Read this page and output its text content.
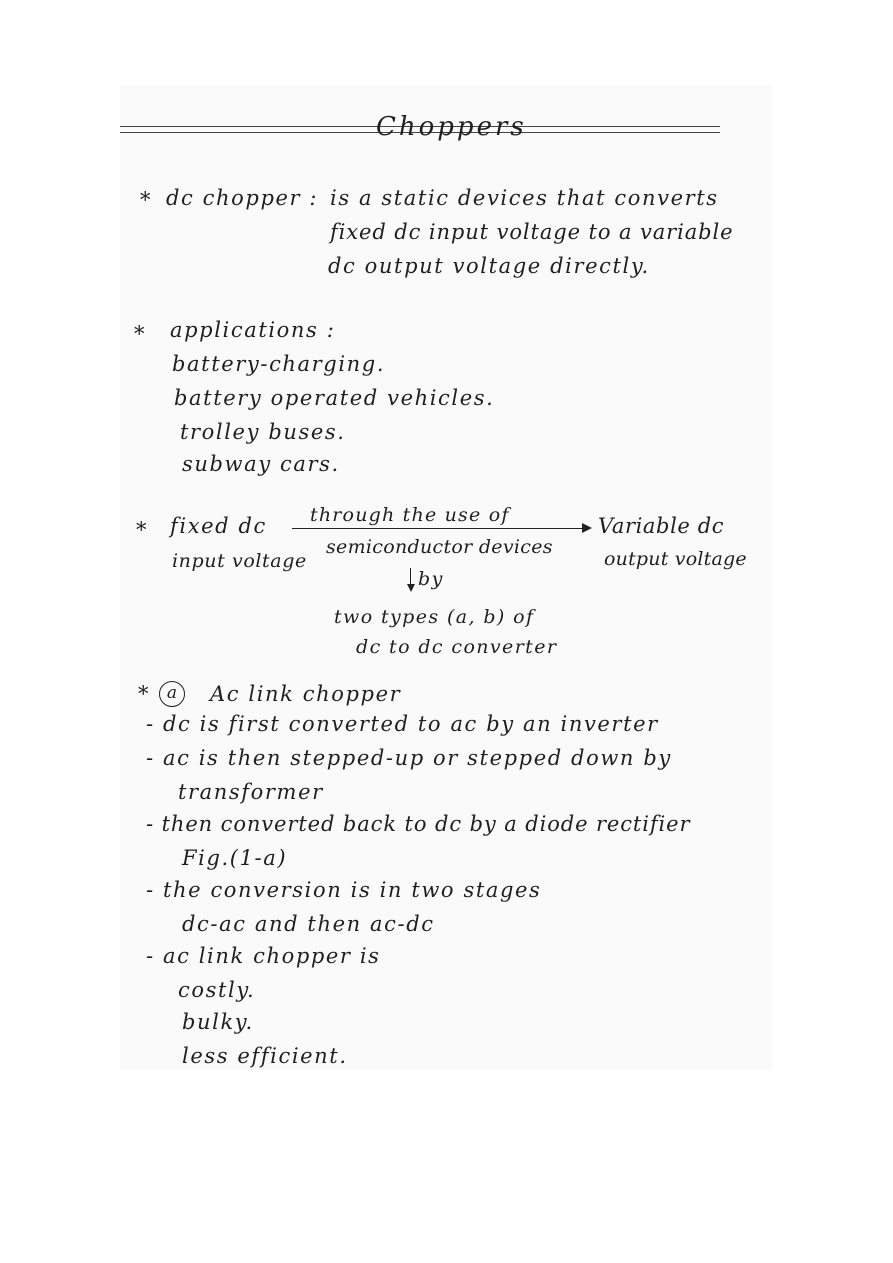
Choppers
* dc chopper : is a static devices that converts
fixed dc input voltage to a variable
dc output voltage directly.
* applications :
battery-charging.
battery operated vehicles.
trolley buses.
subway cars.
* fixed dc
input voltage
through the use of
semiconductor devices
Variable dc
output voltage
by
two types (a, b) of
dc to dc converter
* a	Ac link chopper
- dc is first converted to ac by an inverter
- ac is then stepped-up or stepped down by
transformer
- then converted back to dc by a diode rectifier
Fig.(1-a)
- the conversion is in two stages
dc-ac and then ac-dc
- ac link chopper is
costly.
bulky.
less efficient.
